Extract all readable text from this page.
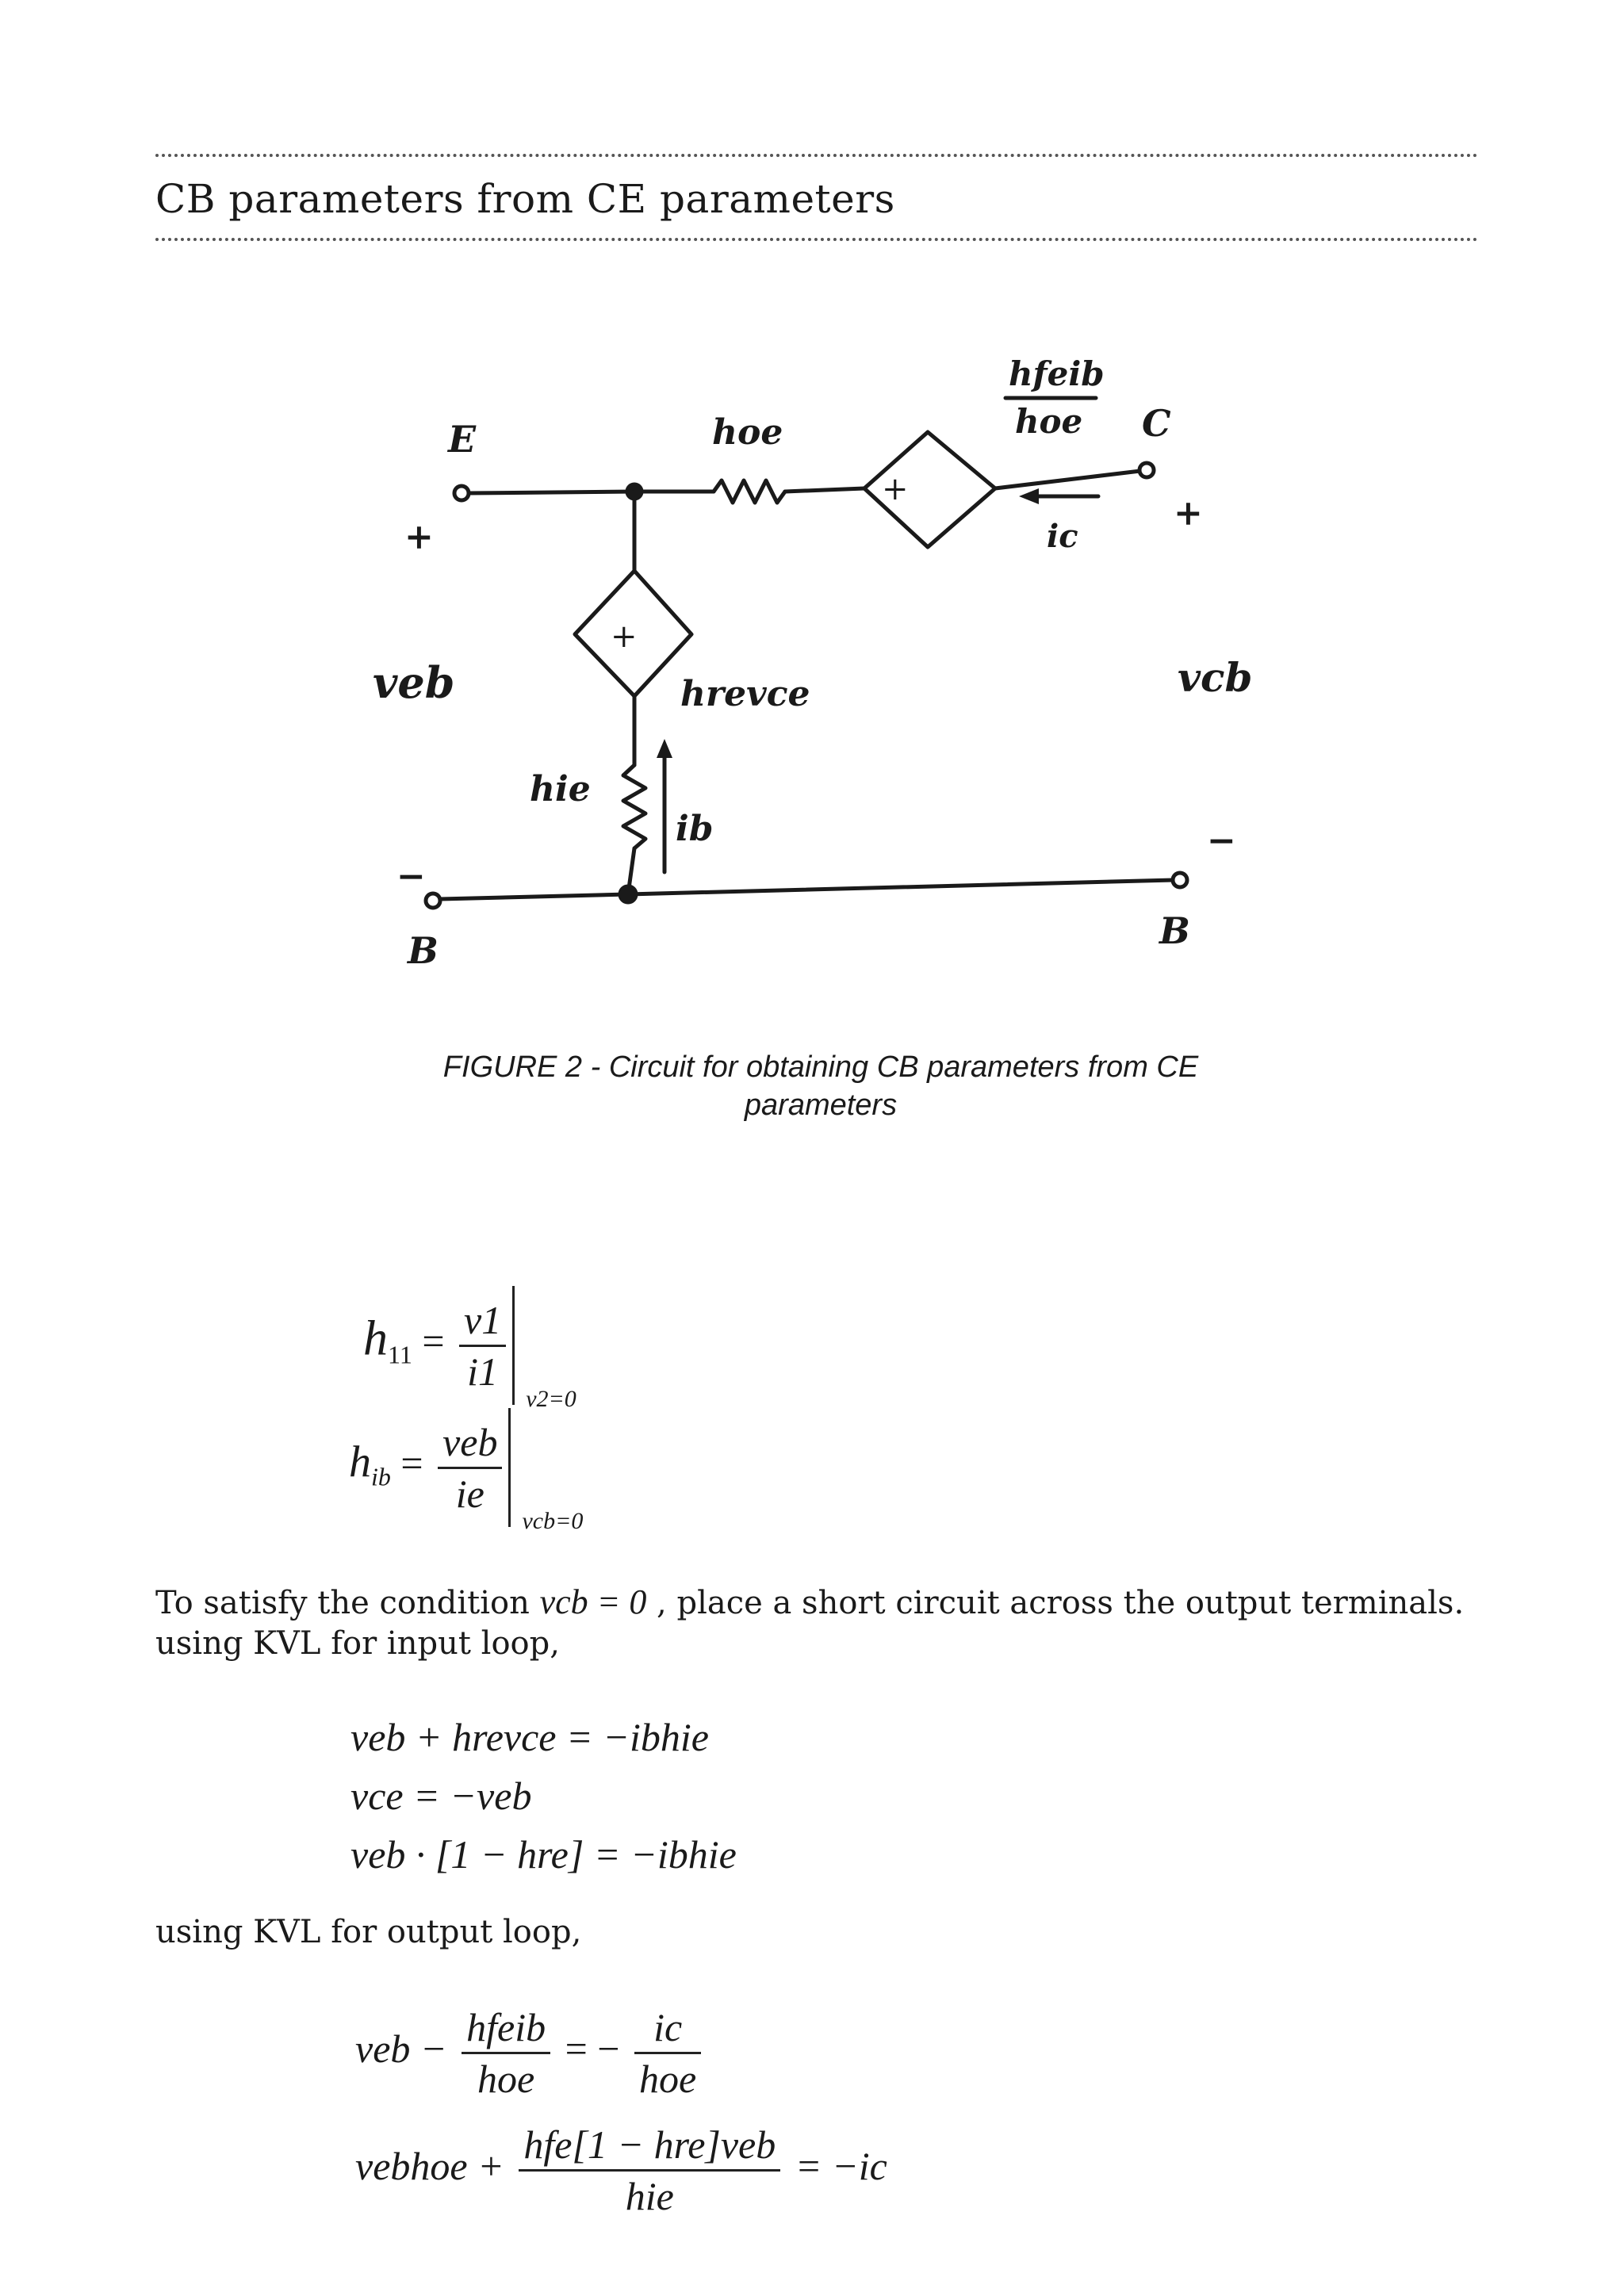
CB parameters from CE parameters
E	C
B	B
+
−
+
−
veb	vcb
hoe
hie
hrevce
ib
ic
hfeib
hoe
+
+
FIGURE 2 - Circuit for obtaining CB parameters from CE parameters
$h_{11} = \frac{v1}{i1}$
v2=0
$h_{ib} = \frac{\text{veb}}{ie}$
vcb=0
To satisfy the condition vcb = 0 , place a short circuit across the output terminals.
using KVL for input loop,
veb + hrevce = −ibhie
vce = −veb
veb · [1 − hre] = −ibhie
using KVL for output loop,
veb − $\frac{\text{hfeib}}{\text{hoe}}$ = − $\frac{ic}{\text{hoe}}$
vebhoe + $\frac{\text{hfe[1 − hre]veb}}{\text{hie}} = -ic$
